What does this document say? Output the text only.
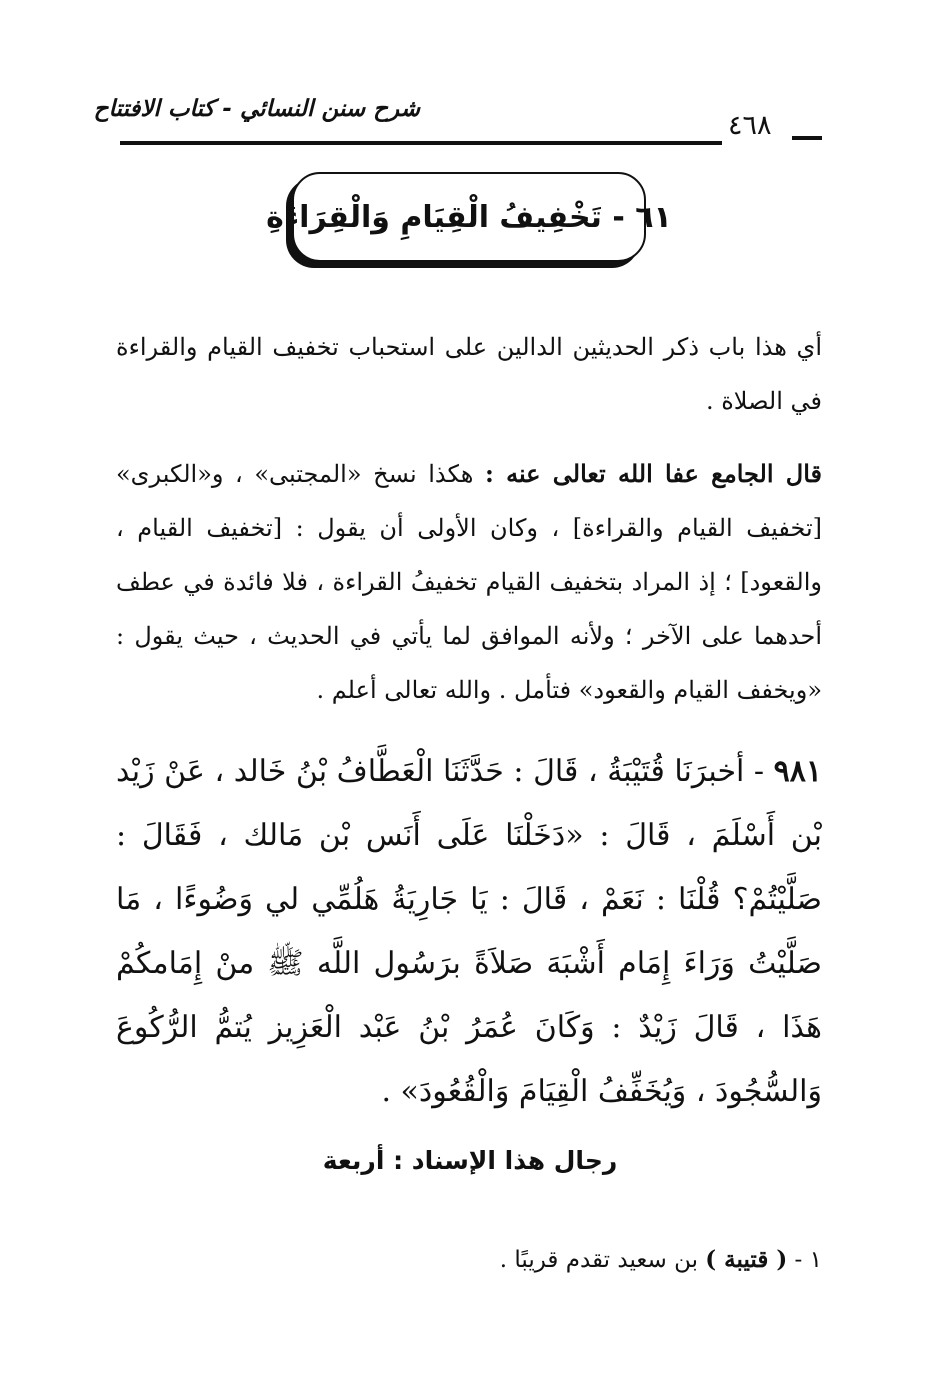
شرح سنن النسائي - كتاب الافتتاح
٤٦٨
٦١ - تَخْفِيفُ الْقِيَامِ وَالْقِرَاءَةِ

أي هذا باب ذكر الحديثين الدالين على استحباب تخفيف القيام والقراءة في الصلاة .

قال الجامع عفا الله تعالى عنه : هكذا نسخ «المجتبى» ، و«الكبرى» [تخفيف القيام والقراءة] ، وكان الأولى أن يقول : [تخفيف القيام ، والقعود] ؛ إذ المراد بتخفيف القيام تخفيفُ القراءة ، فلا فائدة في عطف أحدهما على الآخر ؛ ولأنه الموافق لما يأتي في الحديث ، حيث يقول : «ويخفف القيام والقعود» فتأمل . والله تعالى أعلم .

٩٨١ - أخبرَنَا قُتَيْبَةُ ، قَالَ : حَدَّثَنَا الْعَطَّافُ بْنُ خَالد ، عَنْ زَيْد بْن أَسْلَمَ ، قَالَ : «دَخَلْنَا عَلَى أَنَس بْن مَالك ، فَقَالَ : صَلَّيْتُمْ؟ قُلْنَا : نَعَمْ ، قَالَ : يَا جَارِيَةُ هَلُمِّي لي وَضُوءًا ، مَا صَلَّيْتُ وَرَاءَ إِمَام أَشْبَهَ صَلاَةً برَسُول اللَّه ﷺ منْ إِمَامكُمْ هَذَا ، قَالَ زَيْدٌ : وَكَانَ عُمَرُ بْنُ عَبْد الْعَزِيز يُتمُّ الرُّكُوعَ وَالسُّجُودَ ، وَيُخَفِّفُ الْقِيَامَ وَالْقُعُودَ» .

رجال هذا الإسناد : أربعة

١ - ( قتيبة ) بن سعيد تقدم قريبًا .
